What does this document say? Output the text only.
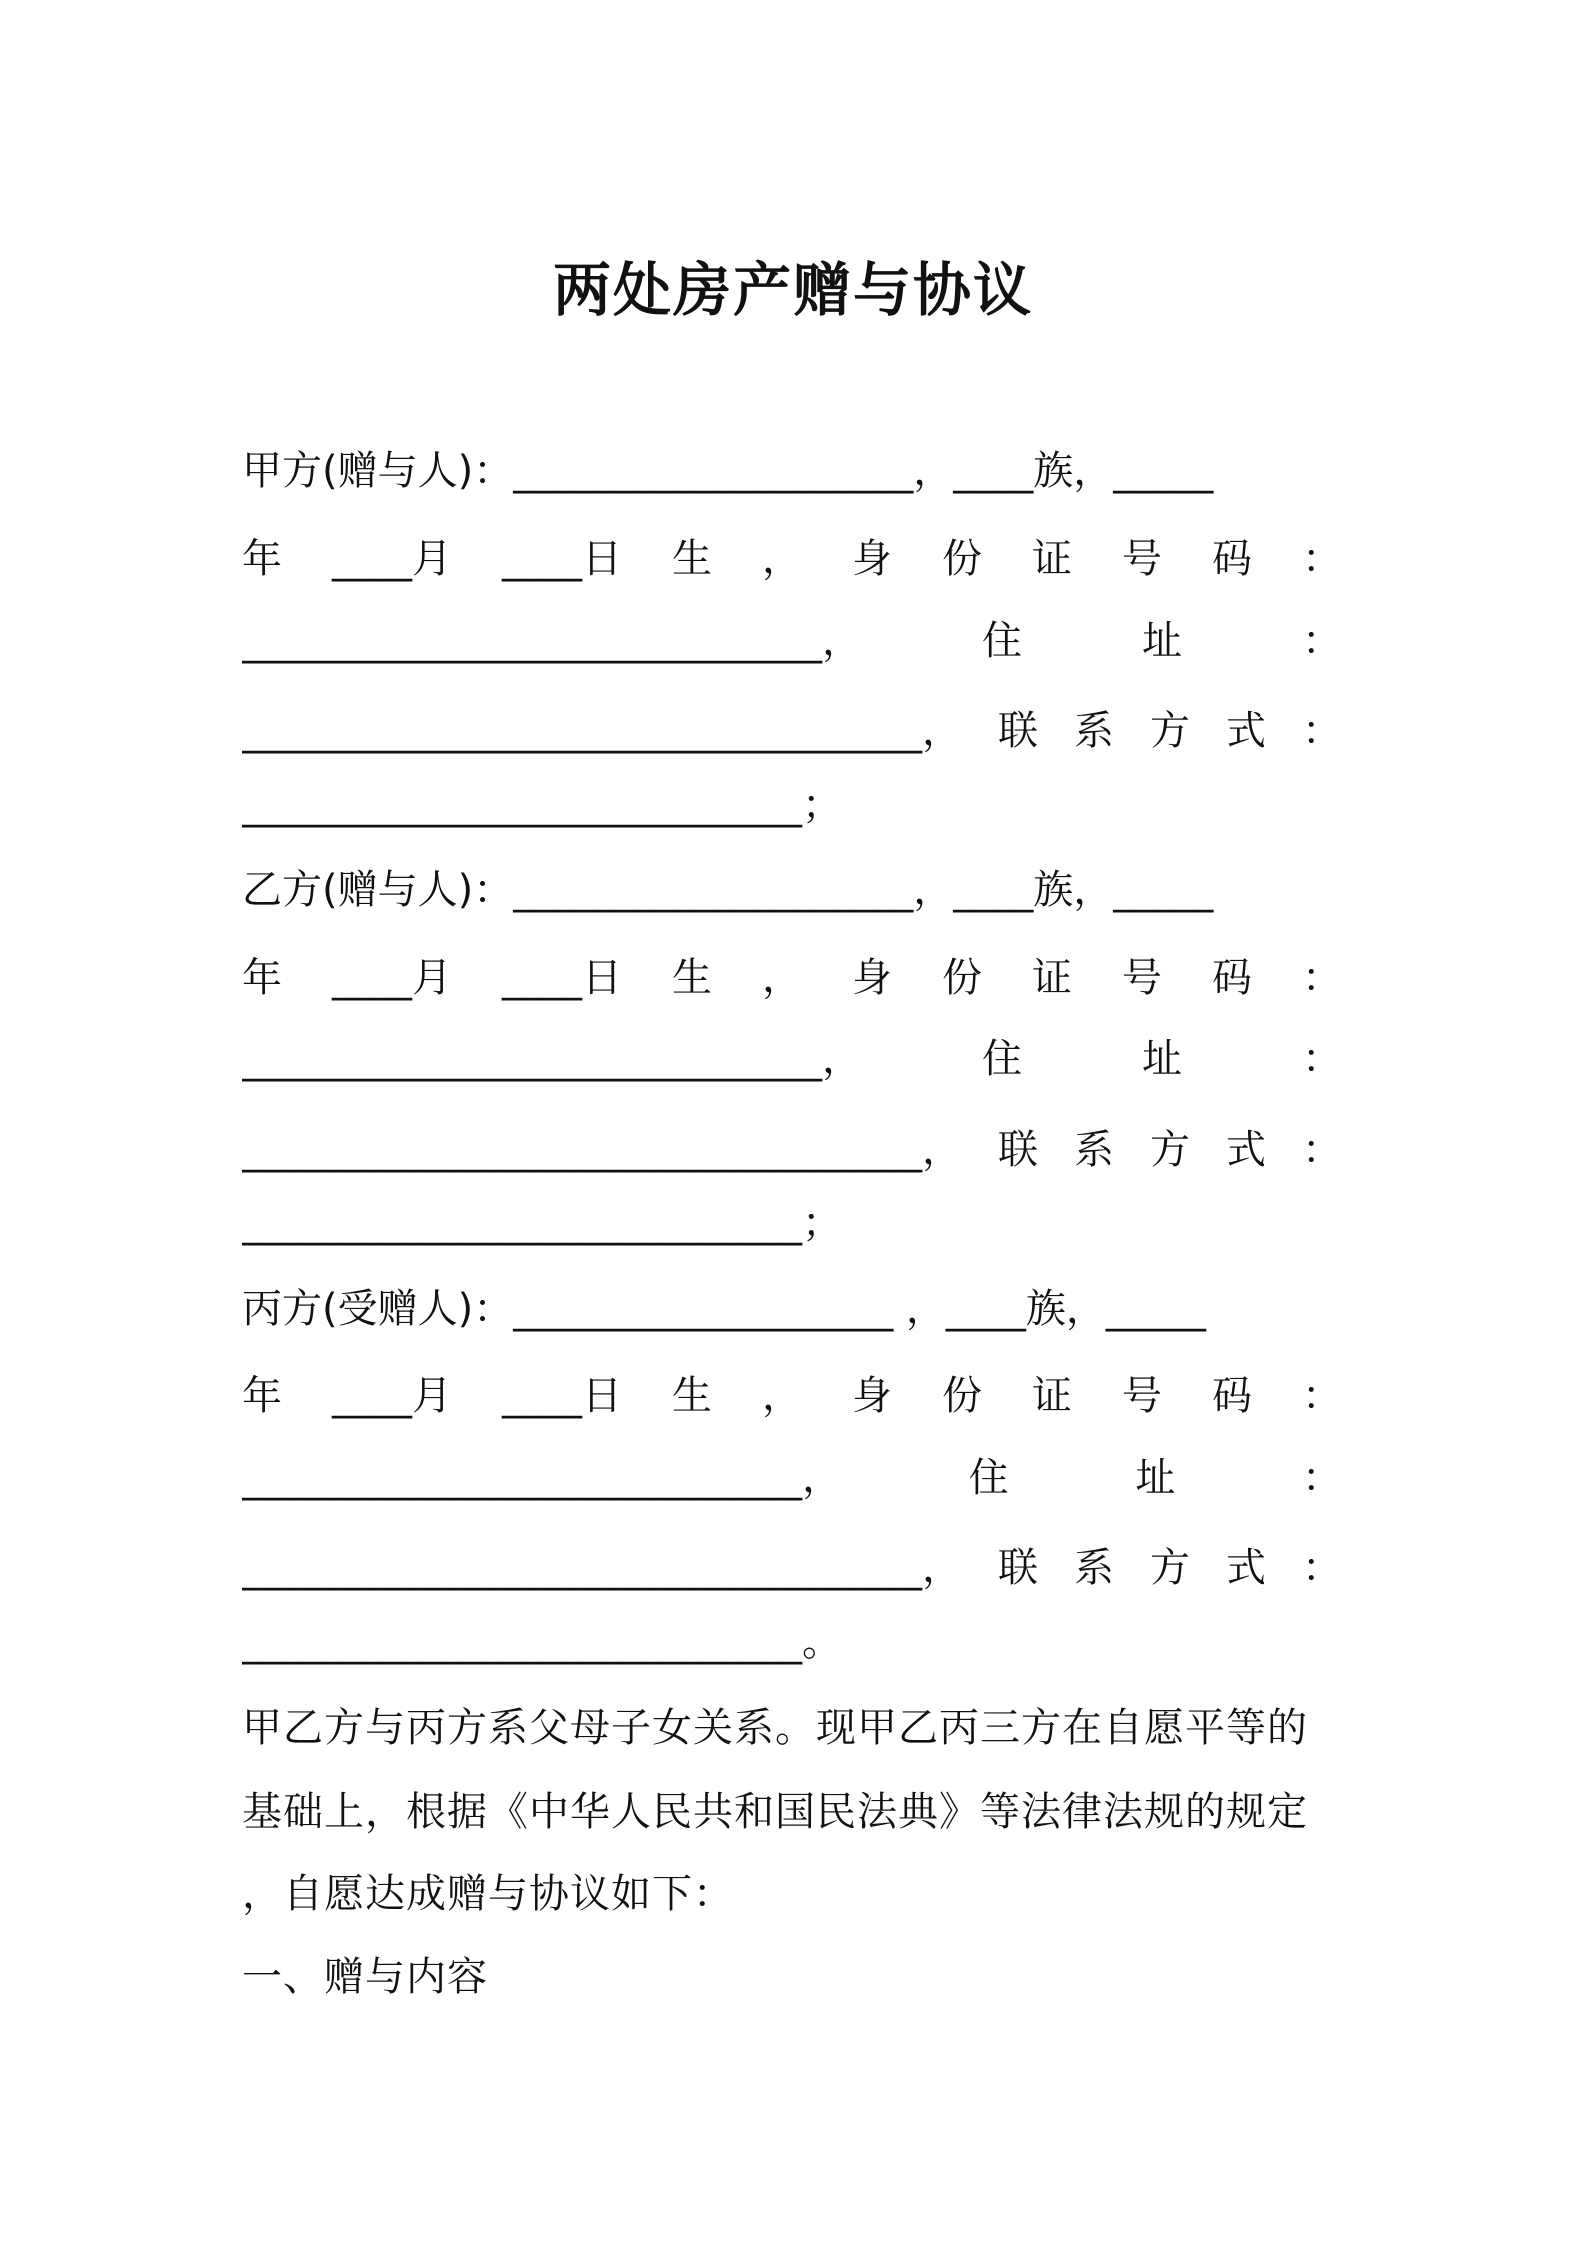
两处房产赠与协议
甲方(赠与人)：____________________，____族，_____
年 ____月 ____日 生 ， 身 份 证 号 码 ：
_____________________________，	住	址	：
__________________________________， 联 系 方 式 ：
____________________________；
乙方(赠与人)：____________________，____族，_____
年 ____月 ____日 生 ， 身 份 证 号 码 ：
_____________________________，	住	址	：
__________________________________， 联 系 方 式 ：
____________________________；
丙方(受赠人)：___________________ ，____族，_____
年 ____月 ____日 生 ， 身 份 证 号 码 ：
____________________________，	住	址	：
__________________________________， 联 系 方 式 ：
____________________________。
甲乙方与丙方系父母子女关系。现甲乙丙三方在自愿平等的
基础上，根据《中华人民共和国民法典》等法律法规的规定
，自愿达成赠与协议如下：
一、赠与内容
